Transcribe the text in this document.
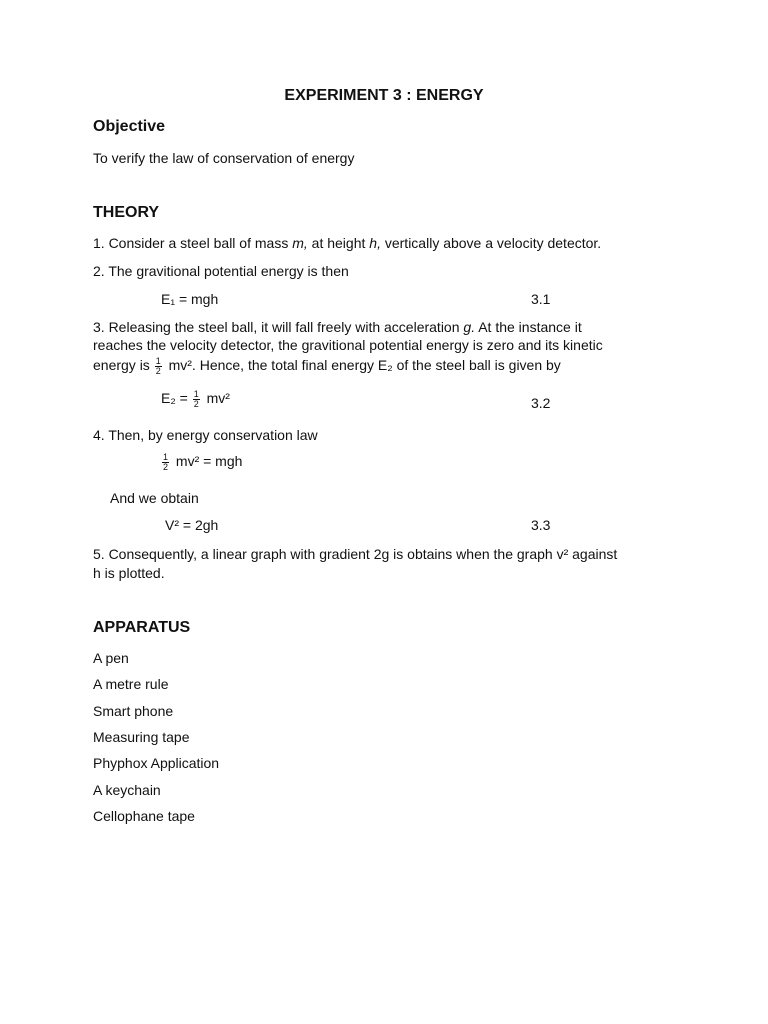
EXPERIMENT 3 : ENERGY
Objective
To verify the law of conservation of energy
THEORY
1. Consider a steel ball of mass m, at height h, vertically above a velocity detector.
2. The gravitional potential energy is then
E₁ = mgh	3.1
3. Releasing the steel ball, it will fall freely with acceleration g. At the instance it
reaches the velocity detector, the gravitional potential energy is zero and its kinetic
energy is $\frac{1}{2} mv^2$. Hence, the total final energy E₂ of the steel ball is given by
$E_2 = \frac{1}{2} mv^2$	3.2
4. Then, by energy conservation law
$\frac{1}{2} mv^2$ = mgh
And we obtain
V² = 2gh	3.3
5. Consequently, a linear graph with gradient 2g is obtains when the graph v² against
h is plotted.
APPARATUS
A pen
A metre rule
Smart phone
Measuring tape
Phyphox Application
A keychain
Cellophane tape
